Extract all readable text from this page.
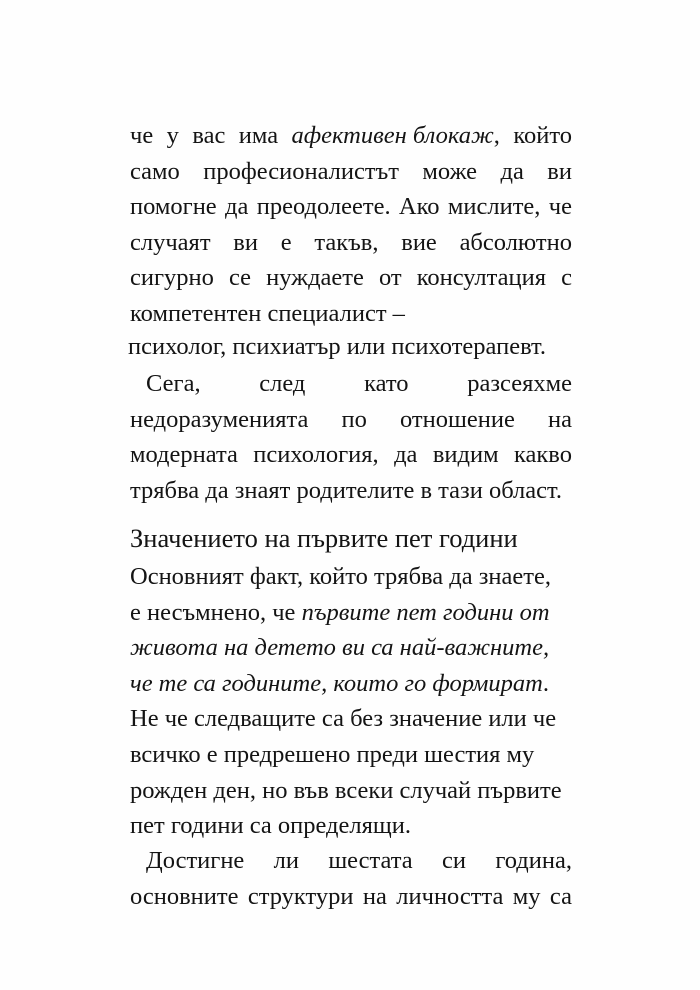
че у вас има афективен блокаж, който
само професионалистът може да ви
помогне да преодолеете. Ако мислите, че
случаят ви е такъв, вие абсолютно
сигурно се нуждаете от консултация с
компетентен специалист –
психолог, психиатър или психотерапевт.
Сега, след като разсеяхме
недоразуменията по отношение на
модерната психология, да видим какво
трябва да знаят родителите в тази област.
Значението на първите пет години
Основният факт, който трябва да знаете,
е несъмнено, че първите пет години от
живота на детето ви са най-важните,
че те са годините, които го формират.
Не че следващите са без значение или че
всичко е предрешено преди шестия му
рожден ден, но във всеки случай първите
пет години са определящи.
Достигне ли шестата си година,
основните структури на личността му са
